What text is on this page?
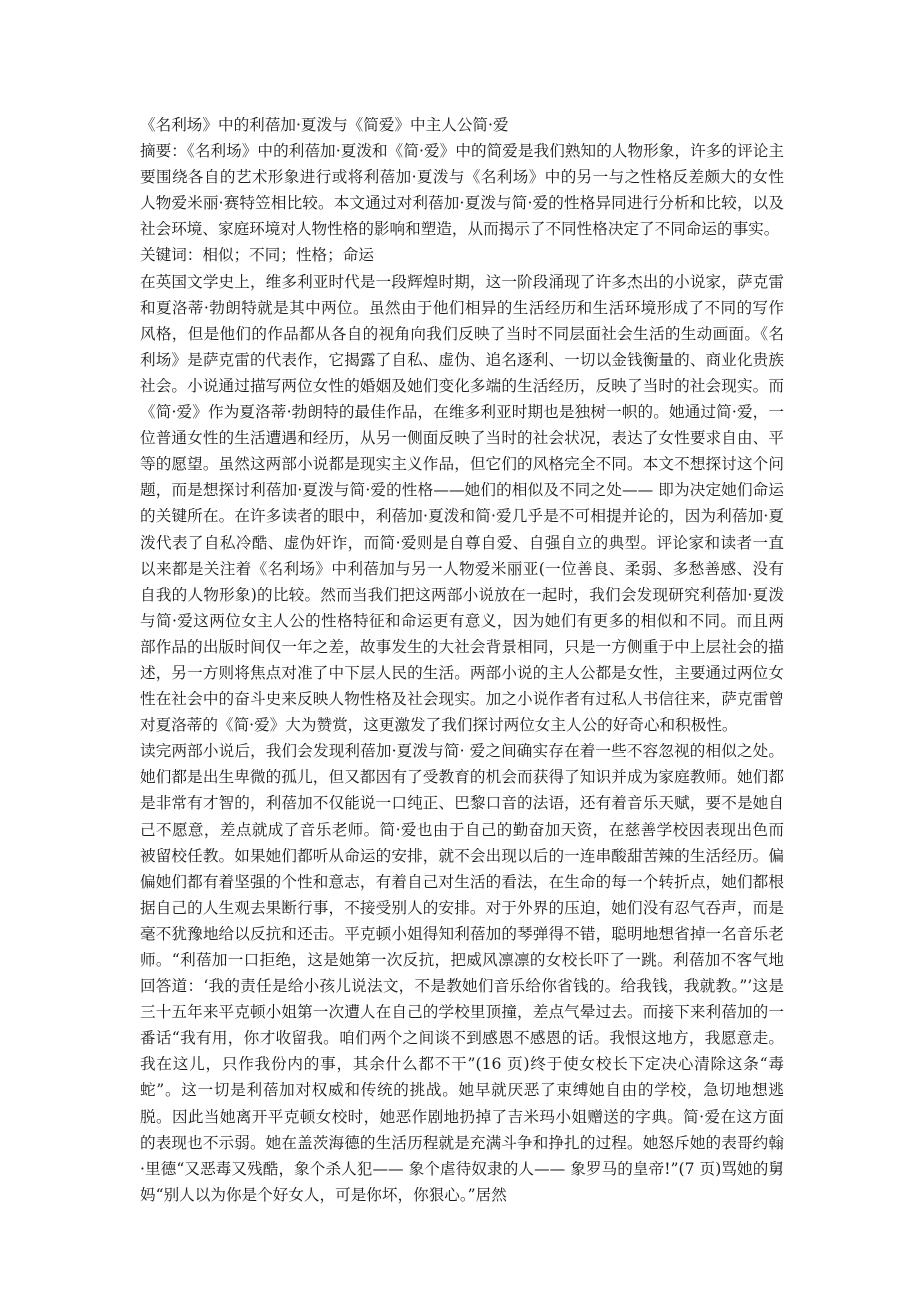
《名利场》中的利蓓加·夏泼与《简爱》中主人公简·爱

摘要：《名利场》中的利蓓加·夏泼和《简·爱》中的简爱是我们熟知的人物形象，许多的评论主要围绕各自的艺术形象进行或将利蓓加·夏泼与《名利场》中的另一与之性格反差颇大的女性人物爱米丽·赛特笠相比较。本文通过对利蓓加·夏泼与简·爱的性格异同进行分析和比较，以及社会环境、家庭环境对人物性格的影响和塑造，从而揭示了不同性格决定了不同命运的事实。

关键词：相似；不同；性格；命运

在英国文学史上，维多利亚时代是一段辉煌时期，这一阶段涌现了许多杰出的小说家，萨克雷和夏洛蒂·勃朗特就是其中两位。虽然由于他们相异的生活经历和生活环境形成了不同的写作风格，但是他们的作品都从各自的视角向我们反映了当时不同层面社会生活的生动画面。《名利场》是萨克雷的代表作，它揭露了自私、虚伪、追名逐利、一切以金钱衡量的、商业化贵族社会。小说通过描写两位女性的婚姻及她们变化多端的生活经历，反映了当时的社会现实。而《简·爱》作为夏洛蒂·勃朗特的最佳作品，在维多利亚时期也是独树一帜的。她通过简·爱，一位普通女性的生活遭遇和经历，从另一侧面反映了当时的社会状况，表达了女性要求自由、平等的愿望。虽然这两部小说都是现实主义作品，但它们的风格完全不同。本文不想探讨这个问题，而是想探讨利蓓加·夏泼与简·爱的性格——她们的相似及不同之处—— 即为决定她们命运的关键所在。在许多读者的眼中，利蓓加·夏泼和简·爱几乎是不可相提并论的，因为利蓓加·夏泼代表了自私冷酷、虚伪奸诈，而简·爱则是自尊自爱、自强自立的典型。评论家和读者一直以来都是关注着《名利场》中利蓓加与另一人物爱米丽亚(一位善良、柔弱、多愁善感、没有自我的人物形象)的比较。然而当我们把这两部小说放在一起时，我们会发现研究利蓓加·夏泼与简·爱这两位女主人公的性格特征和命运更有意义，因为她们有更多的相似和不同。而且两部作品的出版时间仅一年之差，故事发生的大社会背景相同，只是一方侧重于中上层社会的描述，另一方则将焦点对准了中下层人民的生活。两部小说的主人公都是女性，主要通过两位女性在社会中的奋斗史来反映人物性格及社会现实。加之小说作者有过私人书信往来，萨克雷曾对夏洛蒂的《简·爱》大为赞赏，这更激发了我们探讨两位女主人公的好奇心和积极性。

读完两部小说后，我们会发现利蓓加·夏泼与简· 爱之间确实存在着一些不容忽视的相似之处。她们都是出生卑微的孤儿，但又都因有了受教育的机会而获得了知识并成为家庭教师。她们都是非常有才智的，利蓓加不仅能说一口纯正、巴黎口音的法语，还有着音乐天赋，要不是她自己不愿意，差点就成了音乐老师。简·爱也由于自己的勤奋加天资，在慈善学校因表现出色而被留校任教。如果她们都听从命运的安排，就不会出现以后的一连串酸甜苦辣的生活经历。偏偏她们都有着坚强的个性和意志，有着自己对生活的看法，在生命的每一个转折点，她们都根据自己的人生观去果断行事，不接受别人的安排。对于外界的压迫，她们没有忍气吞声，而是毫不犹豫地给以反抗和还击。平克顿小姐得知利蓓加的琴弹得不错，聪明地想省掉一名音乐老师。“利蓓加一口拒绝，这是她第一次反抗，把威风凛凛的女校长吓了一跳。利蓓加不客气地回答道：‘我的责任是给小孩儿说法文，不是教她们音乐给你省钱的。给我钱，我就教。”’这是三十五年来平克顿小姐第一次遭人在自己的学校里顶撞，差点气晕过去。而接下来利蓓加的一番话“我有用，你才收留我。咱们两个之间谈不到感恩不感恩的话。我恨这地方，我愿意走。我在这儿，只作我份内的事，其余什么都不干”(16 页)终于使女校长下定决心清除这条“毒蛇”。这一切是利蓓加对权威和传统的挑战。她早就厌恶了束缚她自由的学校，急切地想逃脱。因此当她离开平克顿女校时，她恶作剧地扔掉了吉米玛小姐赠送的字典。简·爱在这方面的表现也不示弱。她在盖茨海德的生活历程就是充满斗争和挣扎的过程。她怒斥她的表哥约翰·里德“又恶毒又残酷，象个杀人犯—— 象个虐待奴隶的人—— 象罗马的皇帝!”(7 页)骂她的舅妈“别人以为你是个好女人，可是你坏，你狠心。”居然
